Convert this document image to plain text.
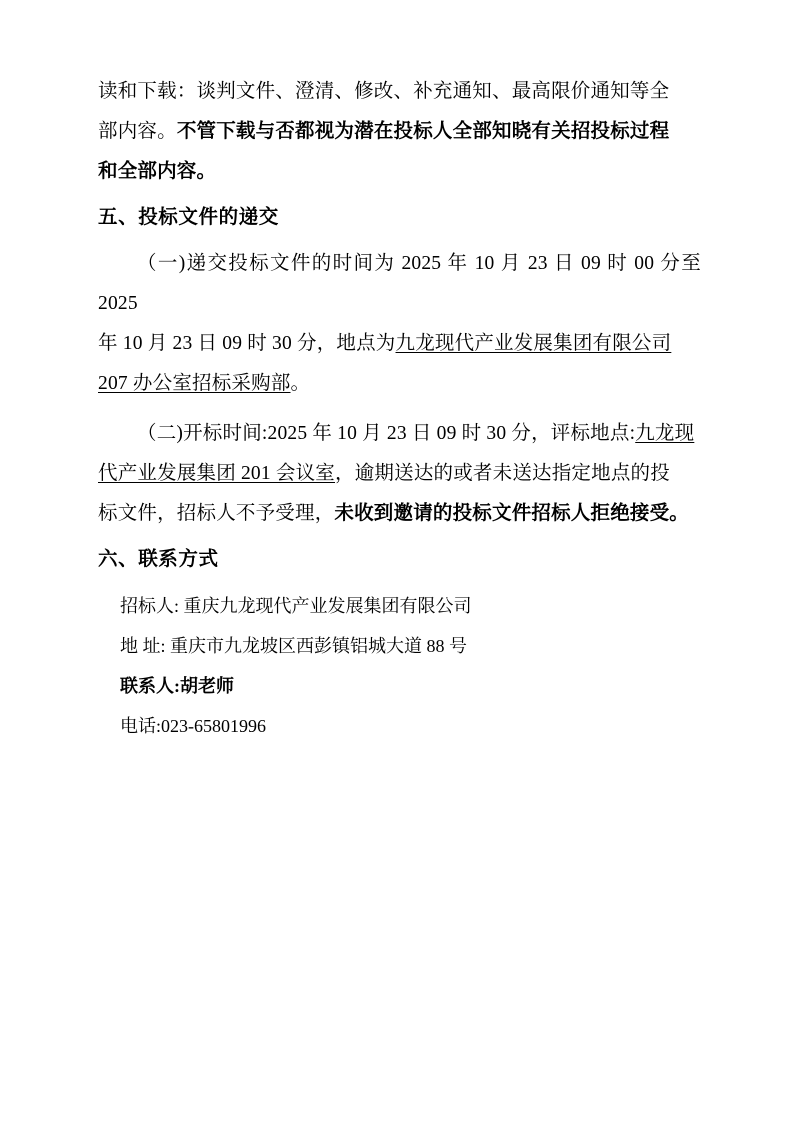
读和下载：谈判文件、澄清、修改、补充通知、最高限价通知等全

部内容。不管下载与否都视为潜在投标人全部知晓有关招投标过程

和全部内容。

五、投标文件的递交

（一)递交投标文件的时间为 2025 年 10 月 23 日 09 时 00 分至 2025

年 10 月 23 日 09 时 30 分，地点为九龙现代产业发展集团有限公司

207 办公室招标采购部。

（二)开标时间:2025 年 10 月 23 日 09 时 30 分，评标地点:九龙现

代产业发展集团 201 会议室，逾期送达的或者未送达指定地点的投

标文件，招标人不予受理，未收到邀请的投标文件招标人拒绝接受。

六、联系方式

招标人: 重庆九龙现代产业发展集团有限公司

地 址: 重庆市九龙坡区西彭镇铝城大道 88 号

联系人:胡老师

电话:023-65801996
